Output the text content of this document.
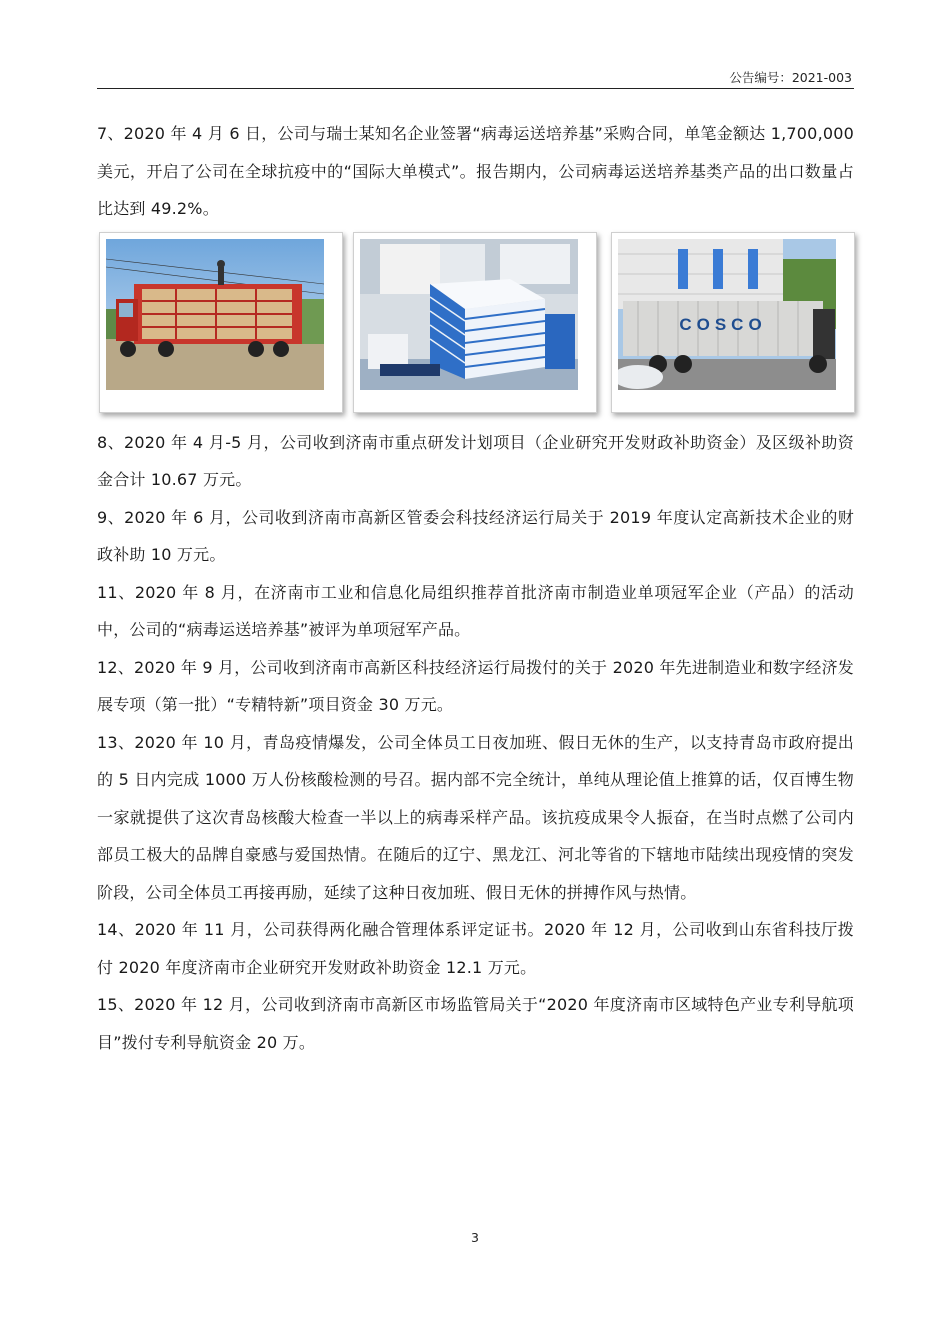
公告编号：2021-003

7、2020 年 4 月 6 日，公司与瑞士某知名企业签署“病毒运送培养基”采购合同，单笔金额达 1,700,000 美元，开启了公司在全球抗疫中的“国际大单模式”。报告期内，公司病毒运送培养基类产品的出口数量占比达到 49.2%。

COSCO

8、2020 年 4 月-5 月，公司收到济南市重点研发计划项目（企业研究开发财政补助资金）及区级补助资金合计 10.67 万元。

9、2020 年 6 月，公司收到济南市高新区管委会科技经济运行局关于 2019 年度认定高新技术企业的财政补助 10 万元。

11、2020 年 8 月，在济南市工业和信息化局组织推荐首批济南市制造业单项冠军企业（产品）的活动中，公司的“病毒运送培养基”被评为单项冠军产品。

12、2020 年 9 月，公司收到济南市高新区科技经济运行局拨付的关于 2020 年先进制造业和数字经济发展专项（第一批）“专精特新”项目资金 30 万元。

13、2020 年 10 月，青岛疫情爆发，公司全体员工日夜加班、假日无休的生产，以支持青岛市政府提出的 5 日内完成 1000 万人份核酸检测的号召。据内部不完全统计，单纯从理论值上推算的话，仅百博生物一家就提供了这次青岛核酸大检查一半以上的病毒采样产品。该抗疫成果令人振奋，在当时点燃了公司内部员工极大的品牌自豪感与爱国热情。在随后的辽宁、黑龙江、河北等省的下辖地市陆续出现疫情的突发阶段，公司全体员工再接再励，延续了这种日夜加班、假日无休的拼搏作风与热情。

14、2020 年 11 月，公司获得两化融合管理体系评定证书。2020 年 12 月，公司收到山东省科技厅拨付 2020 年度济南市企业研究开发财政补助资金 12.1 万元。

15、2020 年 12 月，公司收到济南市高新区市场监管局关于“2020 年度济南市区域特色产业专利导航项目”拨付专利导航资金 20 万。

3
